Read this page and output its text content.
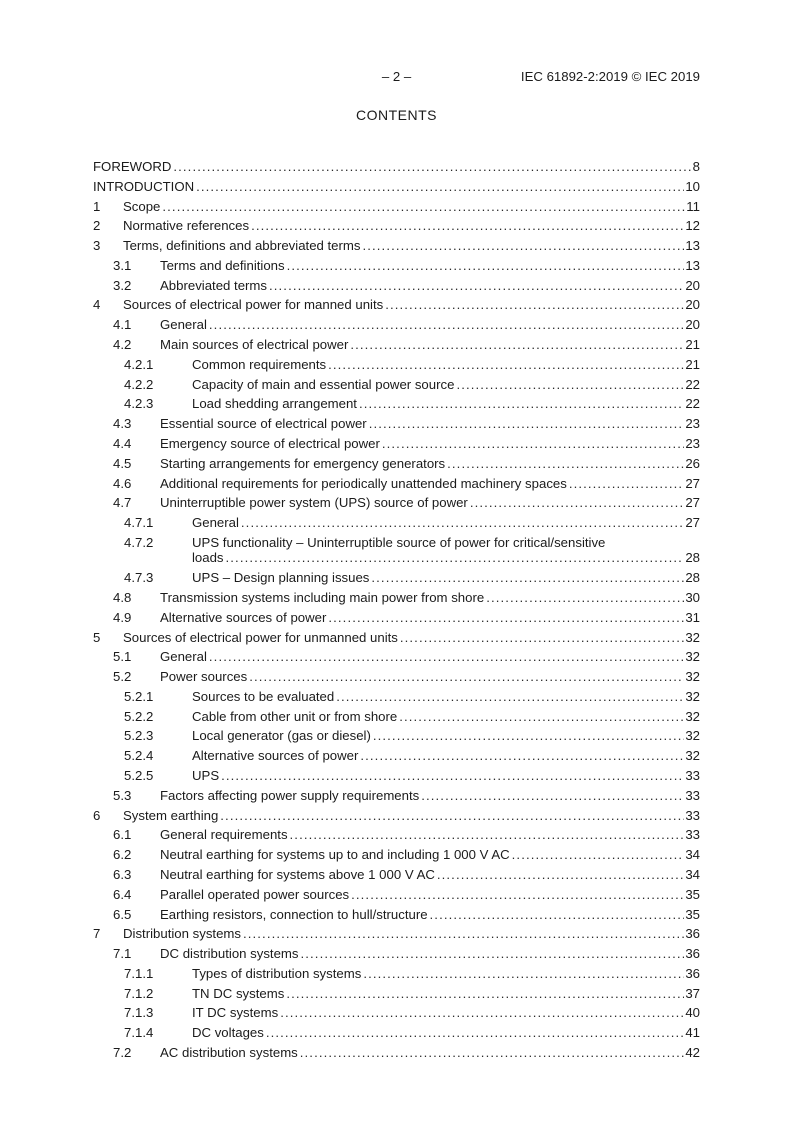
– 2 –	IEC 61892-2:2019 © IEC 2019
CONTENTS
FOREWORD .....	8
INTRODUCTION .....	10
1	Scope .....	11
2	Normative references .....	12
3	Terms, definitions and abbreviated terms .....	13
3.1	Terms and definitions .....	13
3.2	Abbreviated terms .....	20
4	Sources of electrical power for manned units .....	20
4.1	General .....	20
4.2	Main sources of electrical power .....	21
4.2.1	Common requirements .....	21
4.2.2	Capacity of main and essential power source .....	22
4.2.3	Load shedding arrangement .....	22
4.3	Essential source of electrical power .....	23
4.4	Emergency source of electrical power .....	23
4.5	Starting arrangements for emergency generators .....	26
4.6	Additional requirements for periodically unattended machinery spaces .....	27
4.7	Uninterruptible power system (UPS) source of power .....	27
4.7.1	General .....	27
4.7.2	UPS functionality – Uninterruptible source of power for critical/sensitive
loads .....	28
4.7.3	UPS – Design planning issues .....	28
4.8	Transmission systems including main power from shore .....	30
4.9	Alternative sources of power .....	31
5	Sources of electrical power for unmanned units .....	32
5.1	General .....	32
5.2	Power sources .....	32
5.2.1	Sources to be evaluated .....	32
5.2.2	Cable from other unit or from shore .....	32
5.2.3	Local generator (gas or diesel) .....	32
5.2.4	Alternative sources of power .....	32
5.2.5	UPS .....	33
5.3	Factors affecting power supply requirements .....	33
6	System earthing .....	33
6.1	General requirements .....	33
6.2	Neutral earthing for systems up to and including 1 000 V AC .....	34
6.3	Neutral earthing for systems above 1 000 V AC .....	34
6.4	Parallel operated power sources .....	35
6.5	Earthing resistors, connection to hull/structure .....	35
7	Distribution systems .....	36
7.1	DC distribution systems .....	36
7.1.1	Types of distribution systems .....	36
7.1.2	TN DC systems .....	37
7.1.3	IT DC systems .....	40
7.1.4	DC voltages .....	41
7.2	AC distribution systems .....	42
